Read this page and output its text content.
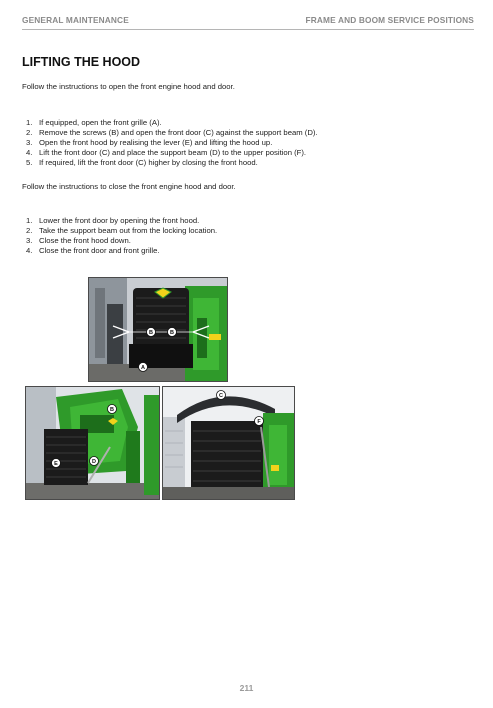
GENERAL MAINTENANCE	FRAME AND BOOM SERVICE POSITIONS
LIFTING THE HOOD

Follow the instructions to open the front engine hood and door.

1. If equipped, open the front grille (A).
2. Remove the screws (B) and open the front door (C) against the support beam (D).
3. Open the front hood by realising the lever (E) and lifting the hood up.
4. Lift the front door (C) and place the support beam (D) to the upper position (F).
5. If required, lift the front door (C) higher by closing the front hood.

Follow the instructions to close the front engine hood and door.

1. Lower the front door by opening the front hood.
2. Take the support beam out from the locking location.
3. Close the front hood down.
4. Close the front door and front grille.
B	B
A
B
E	D
C
F
211
